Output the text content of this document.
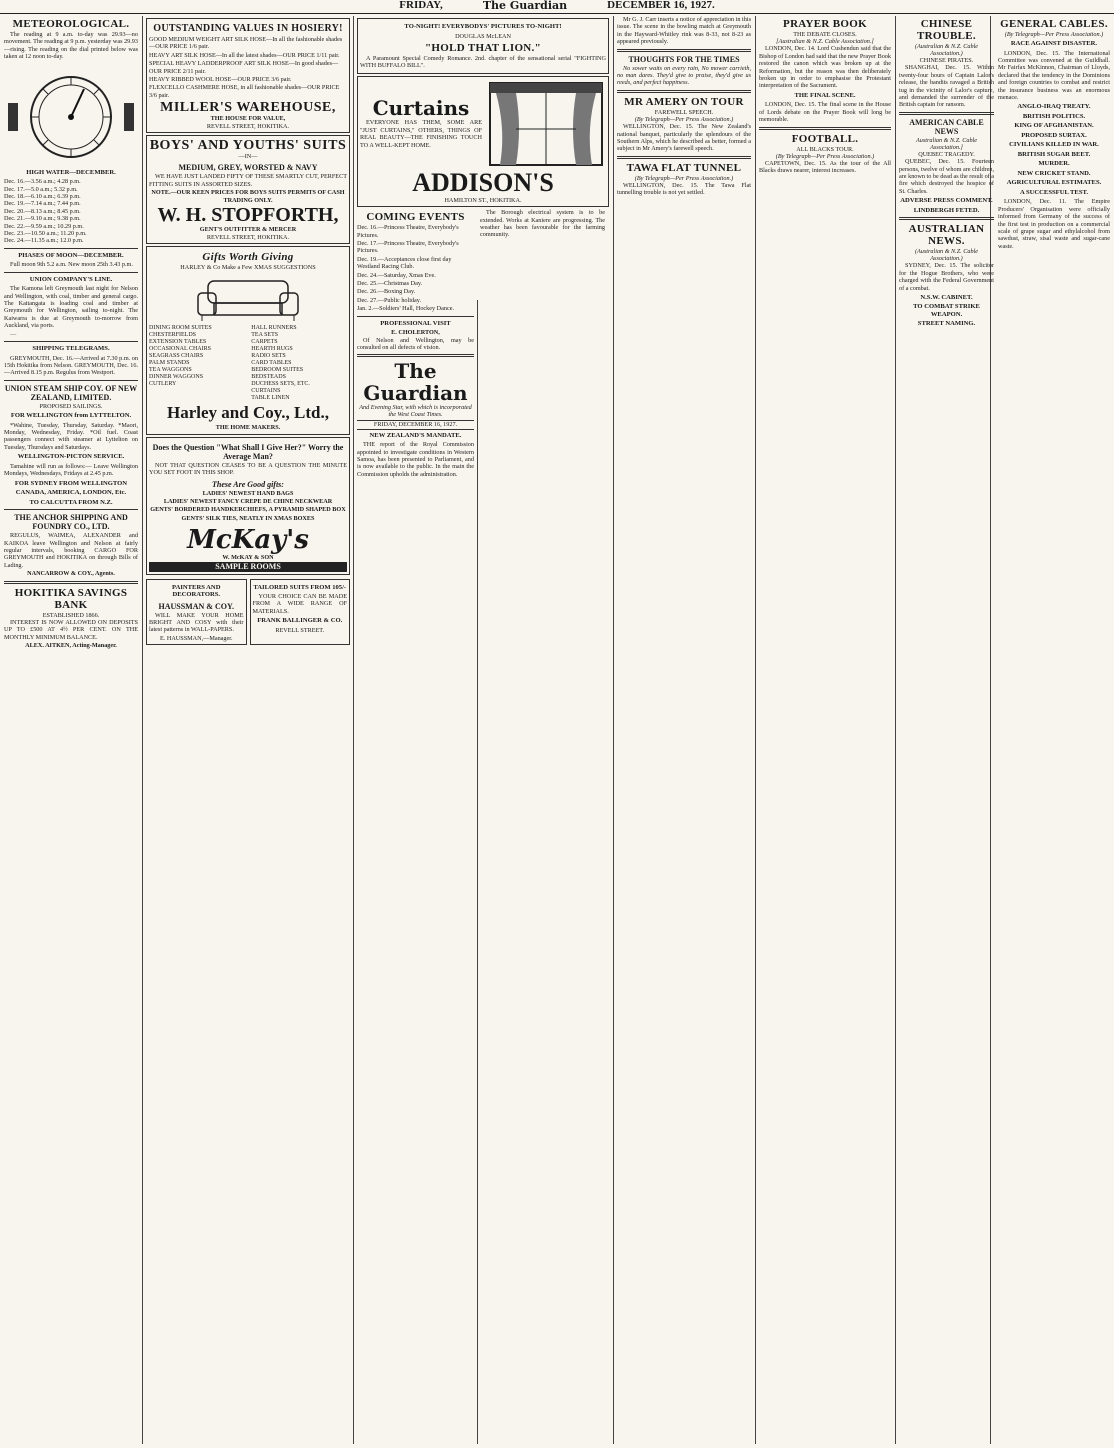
FRIDAY,	The Guardian	DECEMBER 16, 1927.
METEOROLOGICAL.

The reading at 9 a.m. to-day was 29.93—no movement. The reading at 9 p.m. yesterday was 29.93—rising. The reading on the dial printed below was taken at 12 noon to-day.

HIGH WATER—DECEMBER.
Dec. 16.—3.56 a.m.; 4.28 p.m.
Dec. 17.—5.0 a.m.; 5.32 p.m.
Dec. 18.—6.10 a.m.; 6.39 p.m.
Dec. 19.—7.14 a.m.; 7.44 p.m.
Dec. 20.—8.13 a.m.; 8.45 p.m.
Dec. 21.—9.10 a.m.; 9.38 p.m.
Dec. 22.—9.59 a.m.; 10.29 p.m.
Dec. 23.—10.50 a.m.; 11.20 p.m.
Dec. 24.—11.35 a.m.; 12.0 p.m.
PHASES OF MOON—DECEMBER.

Full moon 9th 5.2 a.m. New moon 25th 3.43 p.m.

UNION COMPANY'S LINE.

The Kamona left Greymouth last night for Nelson and Wellington, with coal, timber and general cargo. The Kaitangata is loading coal and timber at Greymouth for Wellington, sailing to-night. The Kaiwarra is due at Greymouth to-morrow from Auckland, via ports.

—

SHIPPING TELEGRAMS.

GREYMOUTH, Dec. 16.—Arrived at 7.30 p.m. on 15th Hokitika from Nelson. GREYMOUTH, Dec. 16.—Arrived 8.15 p.m. Regulus from Westport.

UNION STEAM SHIP COY. OF NEW ZEALAND, LIMITED.
PROPOSED SAILINGS.
FOR WELLINGTON from LYTTELTON.

*Wahine, Tuesday, Thursday, Saturday. *Maori, Monday, Wednesday, Friday. *Oil fuel. Coast passengers connect with steamer at Lyttelton on Tuesday, Thursdays and Saturdays.

WELLINGTON-PICTON SERVICE.

Tamahine will run as follows:— Leave Wellington Mondays, Wednesdays, Fridays at 2.45 p.m.

FOR SYDNEY FROM WELLINGTON
CANADA, AMERICA, LONDON, Etc.
TO CALCUTTA FROM N.Z.
THE ANCHOR SHIPPING AND FOUNDRY CO., LTD.

REGULUS, WAIMEA, ALEXANDER and KAIKOA leave Wellington and Nelson at fairly regular intervals, booking CARGO FOR GREYMOUTH and HOKITIKA on through Bills of Lading.

NANCARROW & COY., Agents.
HOKITIKA SAVINGS BANK
ESTABLISHED 1866.

INTEREST IS NOW ALLOWED ON DEPOSITS UP TO £500 AT 4½ PER CENT. ON THE MONTHLY MINIMUM BALANCE.

ALEX. AITKEN, Acting-Manager.
OUTSTANDING VALUES IN HOSIERY!
GOOD MEDIUM WEIGHT ART SILK HOSE—In all the fashionable shades—OUR PRICE 1/6 pair.
HEAVY ART SILK HOSE—In all the latest shades—OUR PRICE 1/11 pair.
SPECIAL HEAVY LADDERPROOF ART SILK HOSE—In good shades—OUR PRICE 2/11 pair.
HEAVY RIBBED WOOL HOSE—OUR PRICE 3/6 pair.
FLEXCELLO CASHMERE HOSE, in all fashionable shades—OUR PRICE 3/6 pair.
MILLER'S WAREHOUSE,
THE HOUSE FOR VALUE,
REVELL STREET, HOKITIKA.
BOYS' AND YOUTHS' SUITS
—IN—
MEDIUM, GREY, WORSTED & NAVY

WE HAVE JUST LANDED FIFTY OF THESE SMARTLY CUT, PERFECT FITTING SUITS IN ASSORTED SIZES.

NOTE.—OUR KEEN PRICES FOR BOYS SUITS PERMITS OF CASH TRADING ONLY.
W. H. STOPFORTH,
GENT'S OUTFITTER & MERCER
REVELL STREET, HOKITIKA.
Gifts Worth Giving
HARLEY & Co Make a Few XMAS SUGGESTIONS
DINING ROOM SUITES
CHESTERFIELDS
EXTENSION TABLES
OCCASIONAL CHAIRS
SEAGRASS CHAIRS
PALM STANDS
TEA WAGGONS
DINNER WAGGONS
CUTLERY

HALL RUNNERS
TEA SETS
CARPETS
HEARTH RUGS
RADIO SETS
CARD TABLES
BEDROOM SUITES
BEDSTEADS
DUCHESS SETS, ETC.
CURTAINS
TABLE LINEN
Harley and Coy., Ltd.,
THE HOME MAKERS.
Does the Question "What Shall I Give Her?" Worry the Average Man?

NOT THAT QUESTION CEASES TO BE A QUESTION THE MINUTE YOU SET FOOT IN THIS SHOP.

These Are Good gifts:
LADIES' NEWEST HAND BAGS
LADIES' NEWEST FANCY CREPE DE CHINE NECKWEAR
GENTS' BORDERED HANDKERCHIEFS, A PYRAMID SHAPED BOX
GENTS' SILK TIES, NEATLY IN XMAS BOXES
McKay's
W. McKAY & SON
SAMPLE ROOMS
PAINTERS AND DECORATORS.
HAUSSMAN & COY.

WILL MAKE YOUR HOME BRIGHT AND COSY with their latest patterns in WALL-PAPERS.

E. HAUSSMAN,—Manager.
TAILORED SUITS FROM 105/-

YOUR CHOICE CAN BE MADE FROM A WIDE RANGE OF MATERIALS.

FRANK BALLINGER & CO.
REVELL STREET.
TO-NIGHT! EVERYBODYS' PICTURES TO-NIGHT!
DOUGLAS McLEAN
"HOLD THAT LION."

A Paramount Special Comedy Romance. 2nd. chapter of the sensational serial "FIGHTING WITH BUFFALO BILL".

Curtains

EVERYONE HAS THEM, SOME ARE "JUST CURTAINS," OTHERS, THINGS OF REAL BEAUTY—THE FINISHING TOUCH TO A WELL-KEPT HOME.

ADDISON'S
HAMILTON ST., HOKITIKA.
COMING EVENTS
Dec. 16.—Princess Theatre, Everybody's Pictures.
Dec. 17.—Princess Theatre, Everybody's Pictures.
Dec. 19.—Acceptances close first day Westland Racing Club.
Dec. 24.—Saturday, Xmas Eve.
Dec. 25.—Christmas Day.
Dec. 26.—Boxing Day.
Dec. 27.—Public holiday.
Jan. 2.—Soldiers' Hall, Hockey Dance.
PROFESSIONAL VISIT
E. CHOLERTON,

Of Nelson and Wellington, may be consulted on all defects of vision.

The Guardian
And Evening Star, with which is incorporated the West Coast Times.
FRIDAY, DECEMBER 16, 1927.
NEW ZEALAND'S MANDATE.

THE report of the Royal Commission appointed to investigate conditions in Western Samoa, has been presented to Parliament, and is now available to the public. In the main the Commission upholds the administration.

The Borough electrical system is to be extended. Works at Kaniere are progressing. The weather has been favourable for the farming community.

Mr G. J. Carr inserts a notice of appreciation in this issue. The scene in the bowling match at Greymouth in the Hayward-Whitley rink was 8-33, not 8-23 as appeared previously.

THOUGHTS FOR THE TIMES

No sower waits on every rain, No mower carrieth, no man dares. They'd give to praise, they'd give us reeds, and perfect happiness.

MR AMERY ON TOUR
FAREWELL SPEECH.
(By Telegraph—Per Press Association.)

WELLINGTON, Dec. 15. The New Zealand's national banquet, particularly the splendours of the Southern Alps, which he described as better, formed a subject in Mr Amery's farewell speech.

TAWA FLAT TUNNEL
(By Telegraph—Per Press Association.)

WELLINGTON, Dec. 15. The Tawa Flat tunnelling trouble is not yet settled.

PRAYER BOOK
THE DEBATE CLOSES.
[Australian & N.Z. Cable Association.]

LONDON, Dec. 14. Lord Cushendun said that the Bishop of London had said that the new Prayer Book restored the canon which was broken up at the Reformation, but the reason was then deliberately broken up in order to emphasise the Protestant interpretation of the Sacrament.

THE FINAL SCENE.

LONDON, Dec. 15. The final scene in the House of Lords debate on the Prayer Book will long be memorable.

FOOTBALL.
ALL BLACKS TOUR.
(By Telegraph—Per Press Association.)

CAPETOWN, Dec. 15. As the tour of the All Blacks draws nearer, interest increases.

CHINESE TROUBLE.
(Australian & N.Z. Cable Association.)
CHINESE PIRATES.

SHANGHAI, Dec. 15. Within twenty-four hours of Captain Lalor's release, the bandits ravaged a British tug in the vicinity of Lalor's capture, and demanded the surrender of the British captain for ransom.

AMERICAN CABLE NEWS
Australian & N.Z. Cable Association.]
QUEBEC TRAGEDY.

QUEBEC, Dec. 15. Fourteen persons, twelve of whom are children, are known to be dead as the result of a fire which destroyed the hospice of St. Charles.

ADVERSE PRESS COMMENT.
LINDBERGH FETED.
AUSTRALIAN NEWS.
(Australian & N.Z. Cable Association.)

SYDNEY, Dec. 15. The solicitor for the Hogue Brothers, who were charged with the Federal Government of a combat.

N.S.W. CABINET.
TO COMBAT STRIKE WEAPON.
STREET NAMING.
GENERAL CABLES.
(By Telegraph—Per Press Association.)
RACE AGAINST DISASTER.

LONDON, Dec. 15. The International Committee was convened at the Guildhall. Mr Fairfax McKinnon, Chairman of Lloyds, declared that the tendency in the Dominions and foreign countries to combat and restrict the insurance business was an enormous menace.

ANGLO-IRAQ TREATY.
BRITISH POLITICS.
KING OF AFGHANISTAN.
PROPOSED SURTAX.
CIVILIANS KILLED IN WAR.
BRITISH SUGAR BEET.
MURDER.
NEW CRICKET STAND.
AGRICULTURAL ESTIMATES.
A SUCCESSFUL TEST.

LONDON, Dec. 11. The Empire Producers' Organisation were officially informed from Germany of the success of the first test in production on a commercial scale of grape sugar and ethylalcohol from sawdust, straw, sisal waste and sugar-cane waste.
